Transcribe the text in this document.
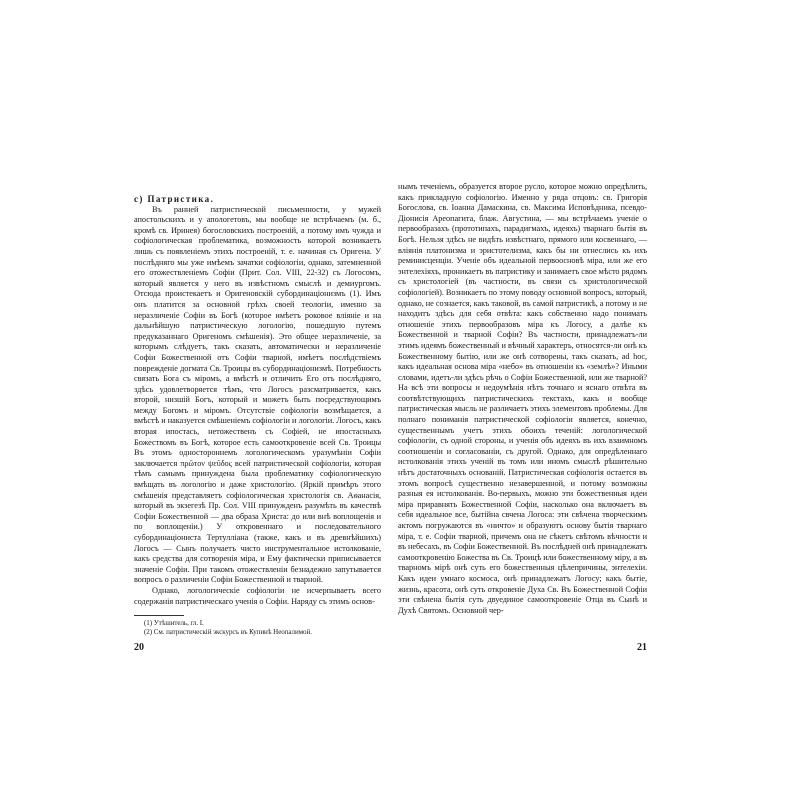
с) Патристика.

Въ ранней патристической письменности, у мужей апостольскихъ и у апологетовъ, мы вообще не встрѣчаемъ (м. б., кромѣ св. Иринея) богословскихъ построеній, а потому имъ чужда и софiологическая проблематика, возможность которой возникаетъ лишь съ появленiемъ этихъ построеній, т. е. начиная съ Оригена. У послѣдняго мы уже имѣемъ зачатки софiологiи, однако, затемненной его отожествленіемъ Софіи (Прит. Сол. VIII, 22-32) съ Логосомъ, который является у него въ извѣстномъ смыслѣ и демиургомъ. Отсюда проистекаетъ и Оригеновскій субординаціонизмъ (1). Имъ онъ платится за основной грѣхъ своей теологіи, именно за неразличеніе Софіи въ Богѣ (которое имѣетъ роковое вліяніе и на дальнѣйшую патристическую логологію, пошедшую путемъ предуказаннаго Оригеномъ смѣшенія). Это общее неразличеніе, за которымъ слѣдуетъ, такъ сказать, автоматически и неразличеніе Софіи Божественной отъ Софіи тварной, имѣетъ послѣдствіемъ поврежденіе догмата Св. Троицы въ субординаціонизмѣ. Потребность связать Бога съ міромъ, а вмѣстѣ и отличить Его отъ послѣдняго, здѣсь удовлетворяется тѣмъ, что Логосъ разсматривается, какъ второй, низшій Богъ, который и можетъ быть посредствующимъ между Богомъ и міромъ. Отсутствіе софіологіи возмѣщается, а вмѣстѣ и наказуется смѣшеніемъ софіологіи и логологіи. Логосъ, какъ вторая ипостась, нетожественъ съ Софіей, не ипостасныхъ Божествомъ въ Богѣ, которое есть самооткровеніе всей Св. Троицы Въ этомъ одностороннемъ логологическомъ уразумѣніи Софіи заключается πρῶτον ψεῦδος всей патристической софіологіи, которая тѣмъ самымъ принуждена была проблематику софіологическую вмѣщать въ логологію и даже христологію. (Яркій примѣръ этого смѣшенія представляетъ софіологическая христологія св. Аѳанасія, который въ экзегезѣ Пр. Сол. VIII принужденъ разумѣть въ качествѣ Софіи Божественной — два образа Христа: до или внѣ воплощенія и по воплощеніи.) У откровеннаго и последовательного субординаціониста Тертулліана (также, какъ и въ древнѣйшихъ) Логосъ — Сынъ получаетъ чисто инструментальное истолкованіе, какъ средства для сотворенія міра, и Ему фактически приписывается значеніе Софіи. При такомъ отожествленіи безнадежно запутывается вопросъ о различеніи Софіи Божественной и тварной.

Однако, логологическіе софіологіи не исчерпываетъ всего содержанія патристическаго ученія о Софіи. Наряду съ этимъ основ-

(1) Утѣшитель, гл. I.
(2) См. патристическій экскурсъ въ Купинѣ Неопалимой.
20

нымъ теченіемъ, образуется второе русло, которое можно опредѣлить, какъ прикладную софіологію. Именно у ряда отцовъ: св. Григорія Богослова, св. Іоанна Дамаскина, св. Максима Исповѣдника, псевдо-Діонисія Ареопагита, блаж. Августина, — мы встрѣчаемъ ученіе о первообразахъ (прототипахъ, парадигмахъ, идеяхъ) тварнаго бытія въ Богѣ. Нельзя здѣсь не видѣть извѣстнаго, прямого или косвеннаго, — вліянія платонизма и эристотелизма, какъ бы ни отнеслись къ ихъ реминисценціи. Ученіе объ идеальной первоосновѣ міра, или же его энтелехіяхъ, проникаетъ въ патристику и занимаетъ свое мѣсто рядомъ съ христологіей (въ частности, въ связи съ христологической софіологіей). Возникаетъ по этому поводу основной вопросъ, который, однако, не сознается, какъ таковой, въ самой патристикѣ, а потому и не находитъ здѣсь для себя отвѣта: какъ собственно надо понимать отношеніе этихъ первообразовъ міра къ Логосу, а далѣе къ Божественной и тварной Софіи? Въ частности, принадлежатъ-ли этимъ идеямъ божественный и вѣчный характеръ, относятся-ли онѣ къ Божественному бытію, или же онѣ сотворены, такъ сказать, ad hoc, какъ идеальная основа міра «небо» въ отношеніи къ «землѣ»? Иными словами, идетъ-ли здѣсь рѣчь о Софіи Божественной, или же тварной? На всѣ эти вопросы и недоумѣнія нѣтъ точнаго и яснаго отвѣта въ соотвѣтствующихъ патристическихъ текстахъ, какъ и вообще патристическая мысль не различаетъ этихъ элементовъ проблемы. Для полнаго пониманія патристической софіологіи является, конечно, существеннымъ учетъ этихъ обоихъ теченій: логологической софіологіи, съ одной стороны, и ученія объ идеяхъ въ ихъ взаимномъ соотношеніи и согласованіи, съ другой. Однако, для опредѣленнаго истолкованія этихъ ученій въ томъ или иномъ смыслѣ рѣшительно нѣтъ достаточныхъ основаній. Патристическая софіологія остается въ этомъ вопросѣ существенно незавершенной, и потому возможны разныя ея истолкованія. Во-первыхъ, можно эти божественныя идеи міра приравнять Божественной Софіи, насколько она включаетъ въ себя идеальное все, бытійна свчена Логоса: эти свѣчена творческимъ актомъ погружаются въ «ничто» и образуютъ основу бытія тварнаго міра, т. е. Софіи тварной, причемъ она не сѣкетъ свѣтомъ вѣчности и въ небесахъ, въ Софіи Божественной. Въ послѣдней онѣ принадлежатъ самооткровенію Божества въ Св. Троицѣ или божественному міру, а въ тварномъ мірѣ онѣ суть его божественныя цѣлепричины, энтелехіи. Какъ идеи умнаго космоса, онѣ принадлежатъ Логосу; какъ бытіе, жизнь, красота, онѣ суть откровеніе Духа Св. Въ Божественной Софіи эти свѣнена бытія суть двуединое самооткровеніе Отца въ Сынѣ и Духѣ Святомъ. Основной чер-

21
